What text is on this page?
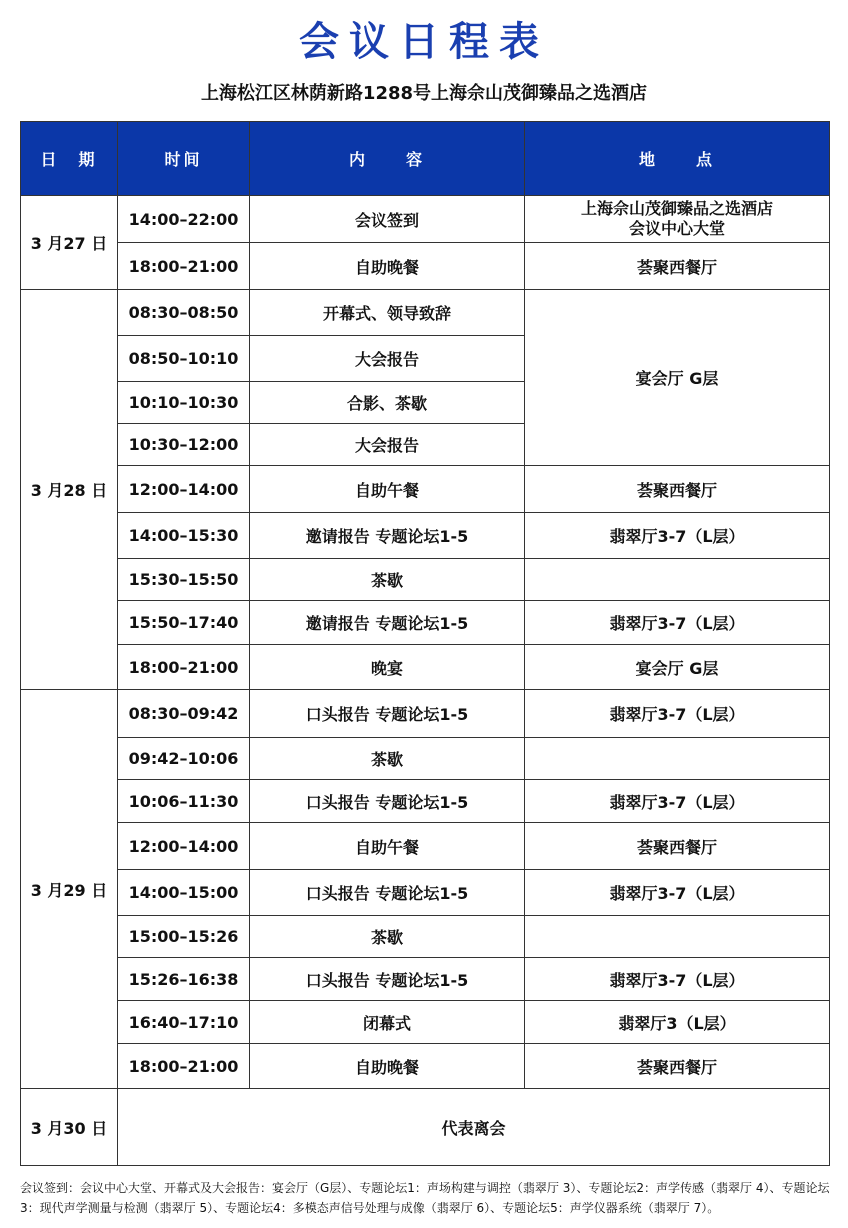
会议日程表
上海松江区林荫新路1288号上海佘山茂御臻品之选酒店
日　期	时间	内　　容	地　　点
3 月27 日	14:00–22:00	会议签到	上海佘山茂御臻品之选酒店
会议中心大堂
	18:00–21:00	自助晚餐	荟聚西餐厅
3 月28 日	08:30–08:50	开幕式、领导致辞	宴会厅 G层
	08:50–10:10	大会报告	
	10:10–10:30	合影、茶歇	
	10:30–12:00	大会报告	
	12:00–14:00	自助午餐	荟聚西餐厅
	14:00–15:30	邀请报告 专题论坛1-5	翡翠厅3-7（L层）
	15:30–15:50	茶歇	
	15:50–17:40	邀请报告 专题论坛1-5	翡翠厅3-7（L层）
	18:00–21:00	晚宴	宴会厅 G层
3 月29 日	08:30–09:42	口头报告 专题论坛1-5	翡翠厅3-7（L层）
	09:42–10:06	茶歇	
	10:06–11:30	口头报告 专题论坛1-5	翡翠厅3-7（L层）
	12:00–14:00	自助午餐	荟聚西餐厅
	14:00–15:00	口头报告 专题论坛1-5	翡翠厅3-7（L层）
	15:00–15:26	茶歇	
	15:26–16:38	口头报告 专题论坛1-5	翡翠厅3-7（L层）
	16:40–17:10	闭幕式	翡翠厅3（L层）
	18:00–21:00	自助晚餐	荟聚西餐厅
3 月30 日	代表离会		
会议签到：会议中心大堂、开幕式及大会报告：宴会厅（G层）、专题论坛1：声场构建与调控（翡翠厅 3）、专题论坛2：声学传感（翡翠厅 4）、专题论坛3：现代声学测量与检测（翡翠厅 5）、专题论坛4：多模态声信号处理与成像（翡翠厅 6）、专题论坛5：声学仪器系统（翡翠厅 7）。
